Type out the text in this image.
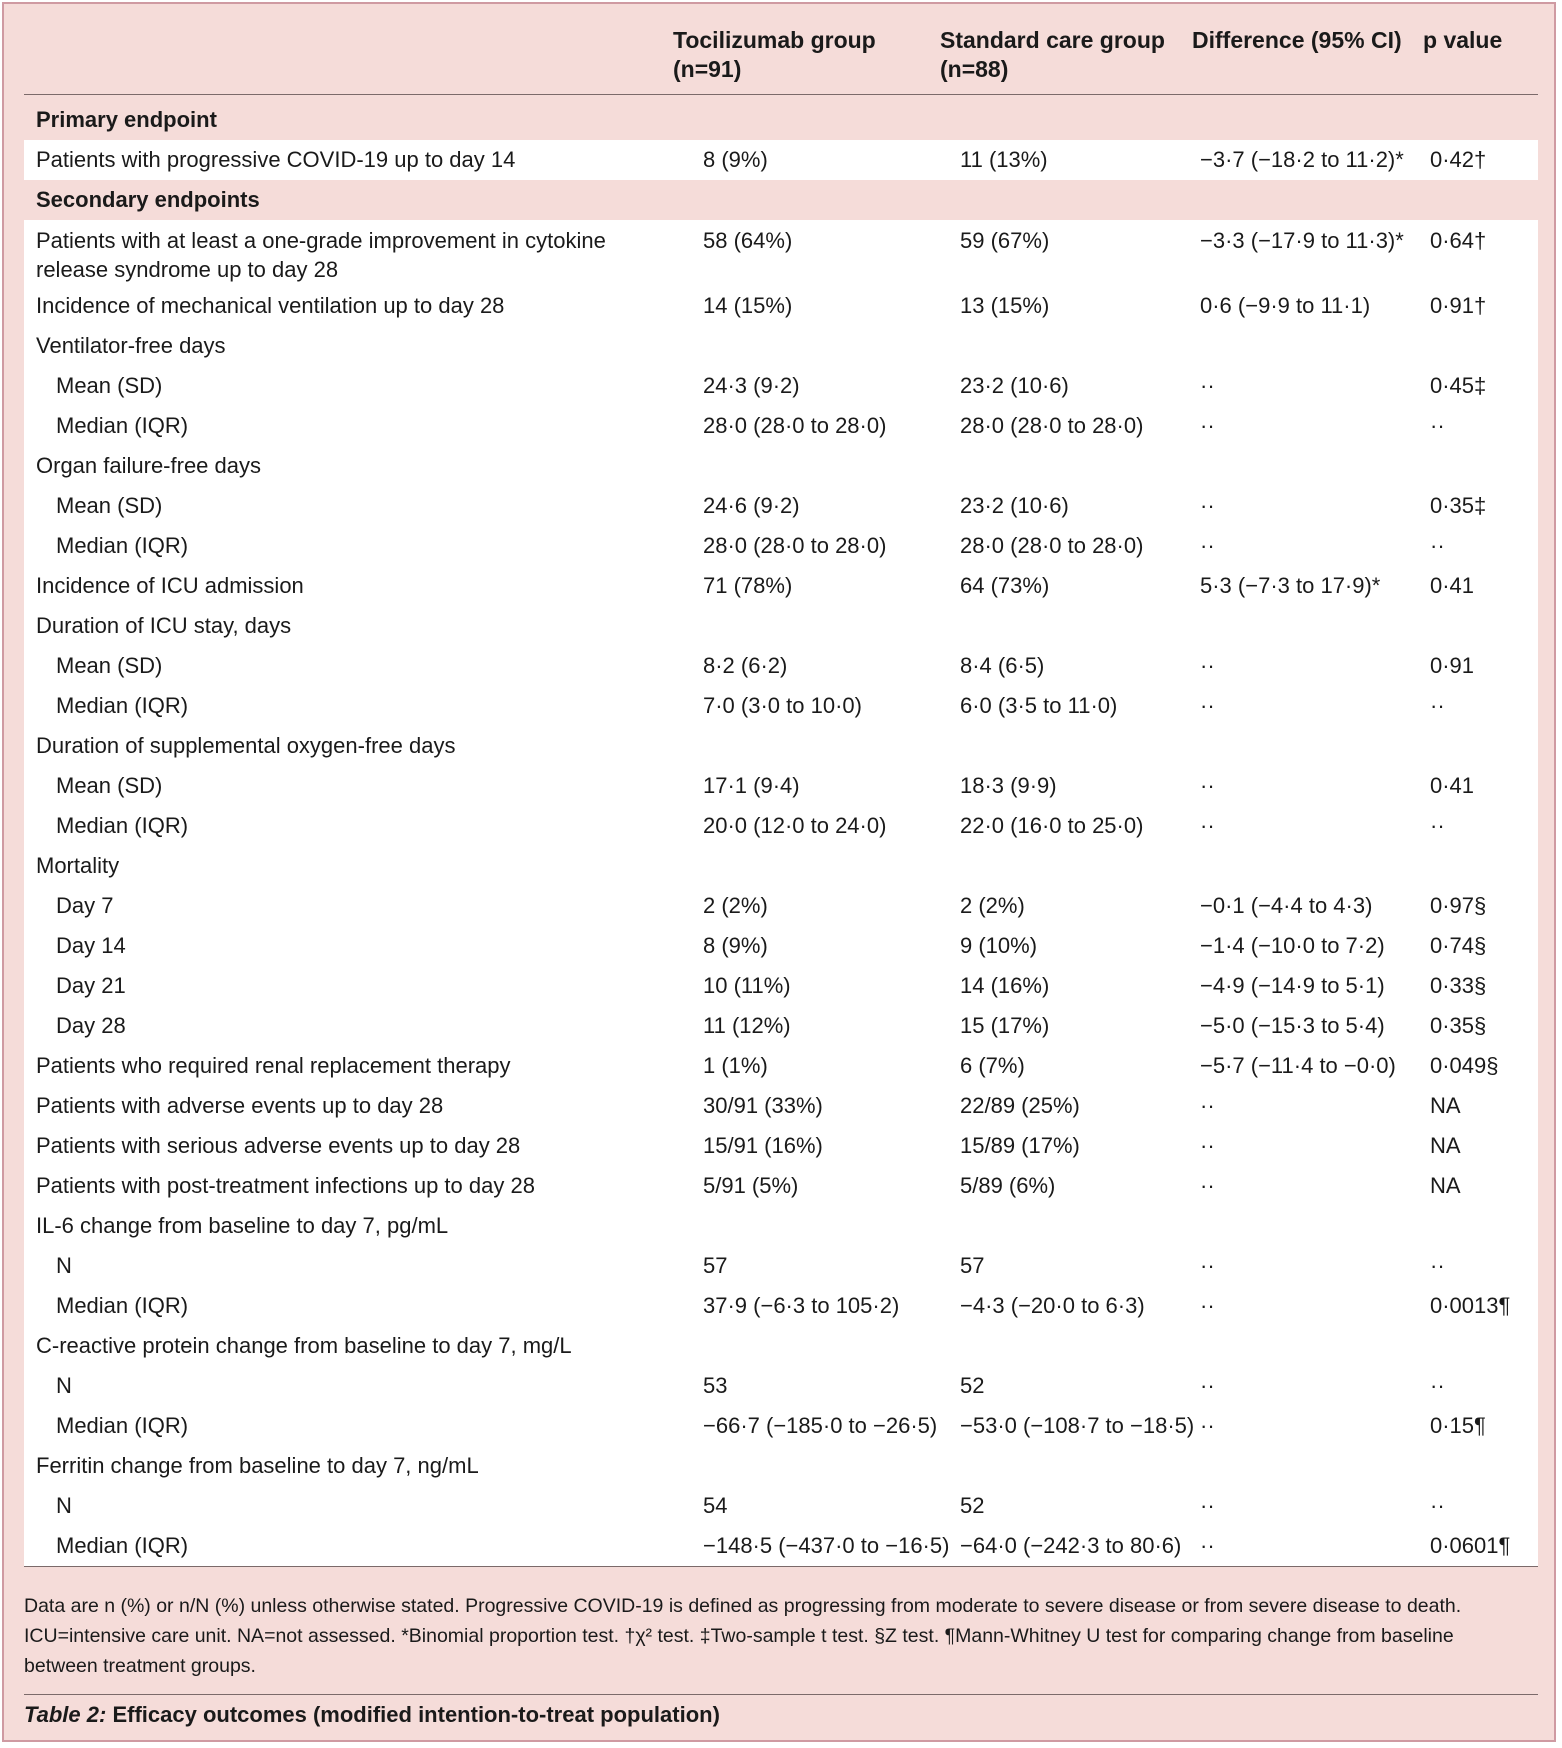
Tocilizumab group
(n=91)
Standard care group
(n=88)
Difference (95% CI) p value
Primary endpoint
Patients with progressive COVID-19 up to day 14	8 (9%)	11 (13%)	−3·7 (−18·2 to 11·2)* 0·42†
Secondary endpoints
Patients with at least a one-grade improvement in cytokine release syndrome up to day 28
58 (64%)	59 (67%)	−3·3 (−17·9 to 11·3)* 0·64†
Incidence of mechanical ventilation up to day 28	14 (15%)	13 (15%)	0·6 (−9·9 to 11·1)	0·91†
Ventilator-free days
Mean (SD)	24·3 (9·2)	23·2 (10·6)	··	0·45‡
Median (IQR)	28·0 (28·0 to 28·0)	28·0 (28·0 to 28·0)	··	··
Organ failure-free days
Mean (SD)	24·6 (9·2)	23·2 (10·6)	··	0·35‡
Median (IQR)	28·0 (28·0 to 28·0)	28·0 (28·0 to 28·0)	··	··
Incidence of ICU admission	71 (78%)	64 (73%)	5·3 (−7·3 to 17·9)* 0·41
Duration of ICU stay, days
Mean (SD)	8·2 (6·2)	8·4 (6·5)	··	0·91
Median (IQR)	7·0 (3·0 to 10·0)	6·0 (3·5 to 11·0)	··	··
Duration of supplemental oxygen-free days
Mean (SD)	17·1 (9·4)	18·3 (9·9)	··	0·41
Median (IQR)	20·0 (12·0 to 24·0)	22·0 (16·0 to 25·0)	··	··
Mortality
Day 7	2 (2%)	2 (2%)	−0·1 (−4·4 to 4·3)	0·97§
Day 14	8 (9%)	9 (10%)	−1·4 (−10·0 to 7·2) 0·74§
Day 21	10 (11%)	14 (16%)	−4·9 (−14·9 to 5·1) 0·33§
Day 28	11 (12%)	15 (17%)	−5·0 (−15·3 to 5·4) 0·35§
Patients who required renal replacement therapy	1 (1%)	6 (7%)	−5·7 (−11·4 to −0·0) 0·049§
Patients with adverse events up to day 28	30/91 (33%)	22/89 (25%)	··	NA
Patients with serious adverse events up to day 28	15/91 (16%)	15/89 (17%)	··	NA
Patients with post-treatment infections up to day 28	5/91 (5%)	5/89 (6%)	··	NA
IL-6 change from baseline to day 7, pg/mL
N	57	57	··	··
Median (IQR)	37·9 (−6·3 to 105·2)	−4·3 (−20·0 to 6·3)	··	0·0013¶
C-reactive protein change from baseline to day 7, mg/L
N	53	52	··	··
Median (IQR)	−66·7 (−185·0 to −26·5) −53·0 (−108·7 to −18·5) ··	0·15¶
Ferritin change from baseline to day 7, ng/mL
N	54	52	··	··
Median (IQR)	−148·5 (−437·0 to −16·5) −64·0 (−242·3 to 80·6) ··	0·0601¶
Data are n (%) or n/N (%) unless otherwise stated. Progressive COVID-19 is defined as progressing from moderate to severe disease or from severe disease to death. ICU=intensive care unit. NA=not assessed. *Binomial proportion test. †χ² test. ‡Two-sample t test. §Z test. ¶Mann-Whitney U test for comparing change from baseline between treatment groups.
Table 2: Efficacy outcomes (modified intention-to-treat population)
